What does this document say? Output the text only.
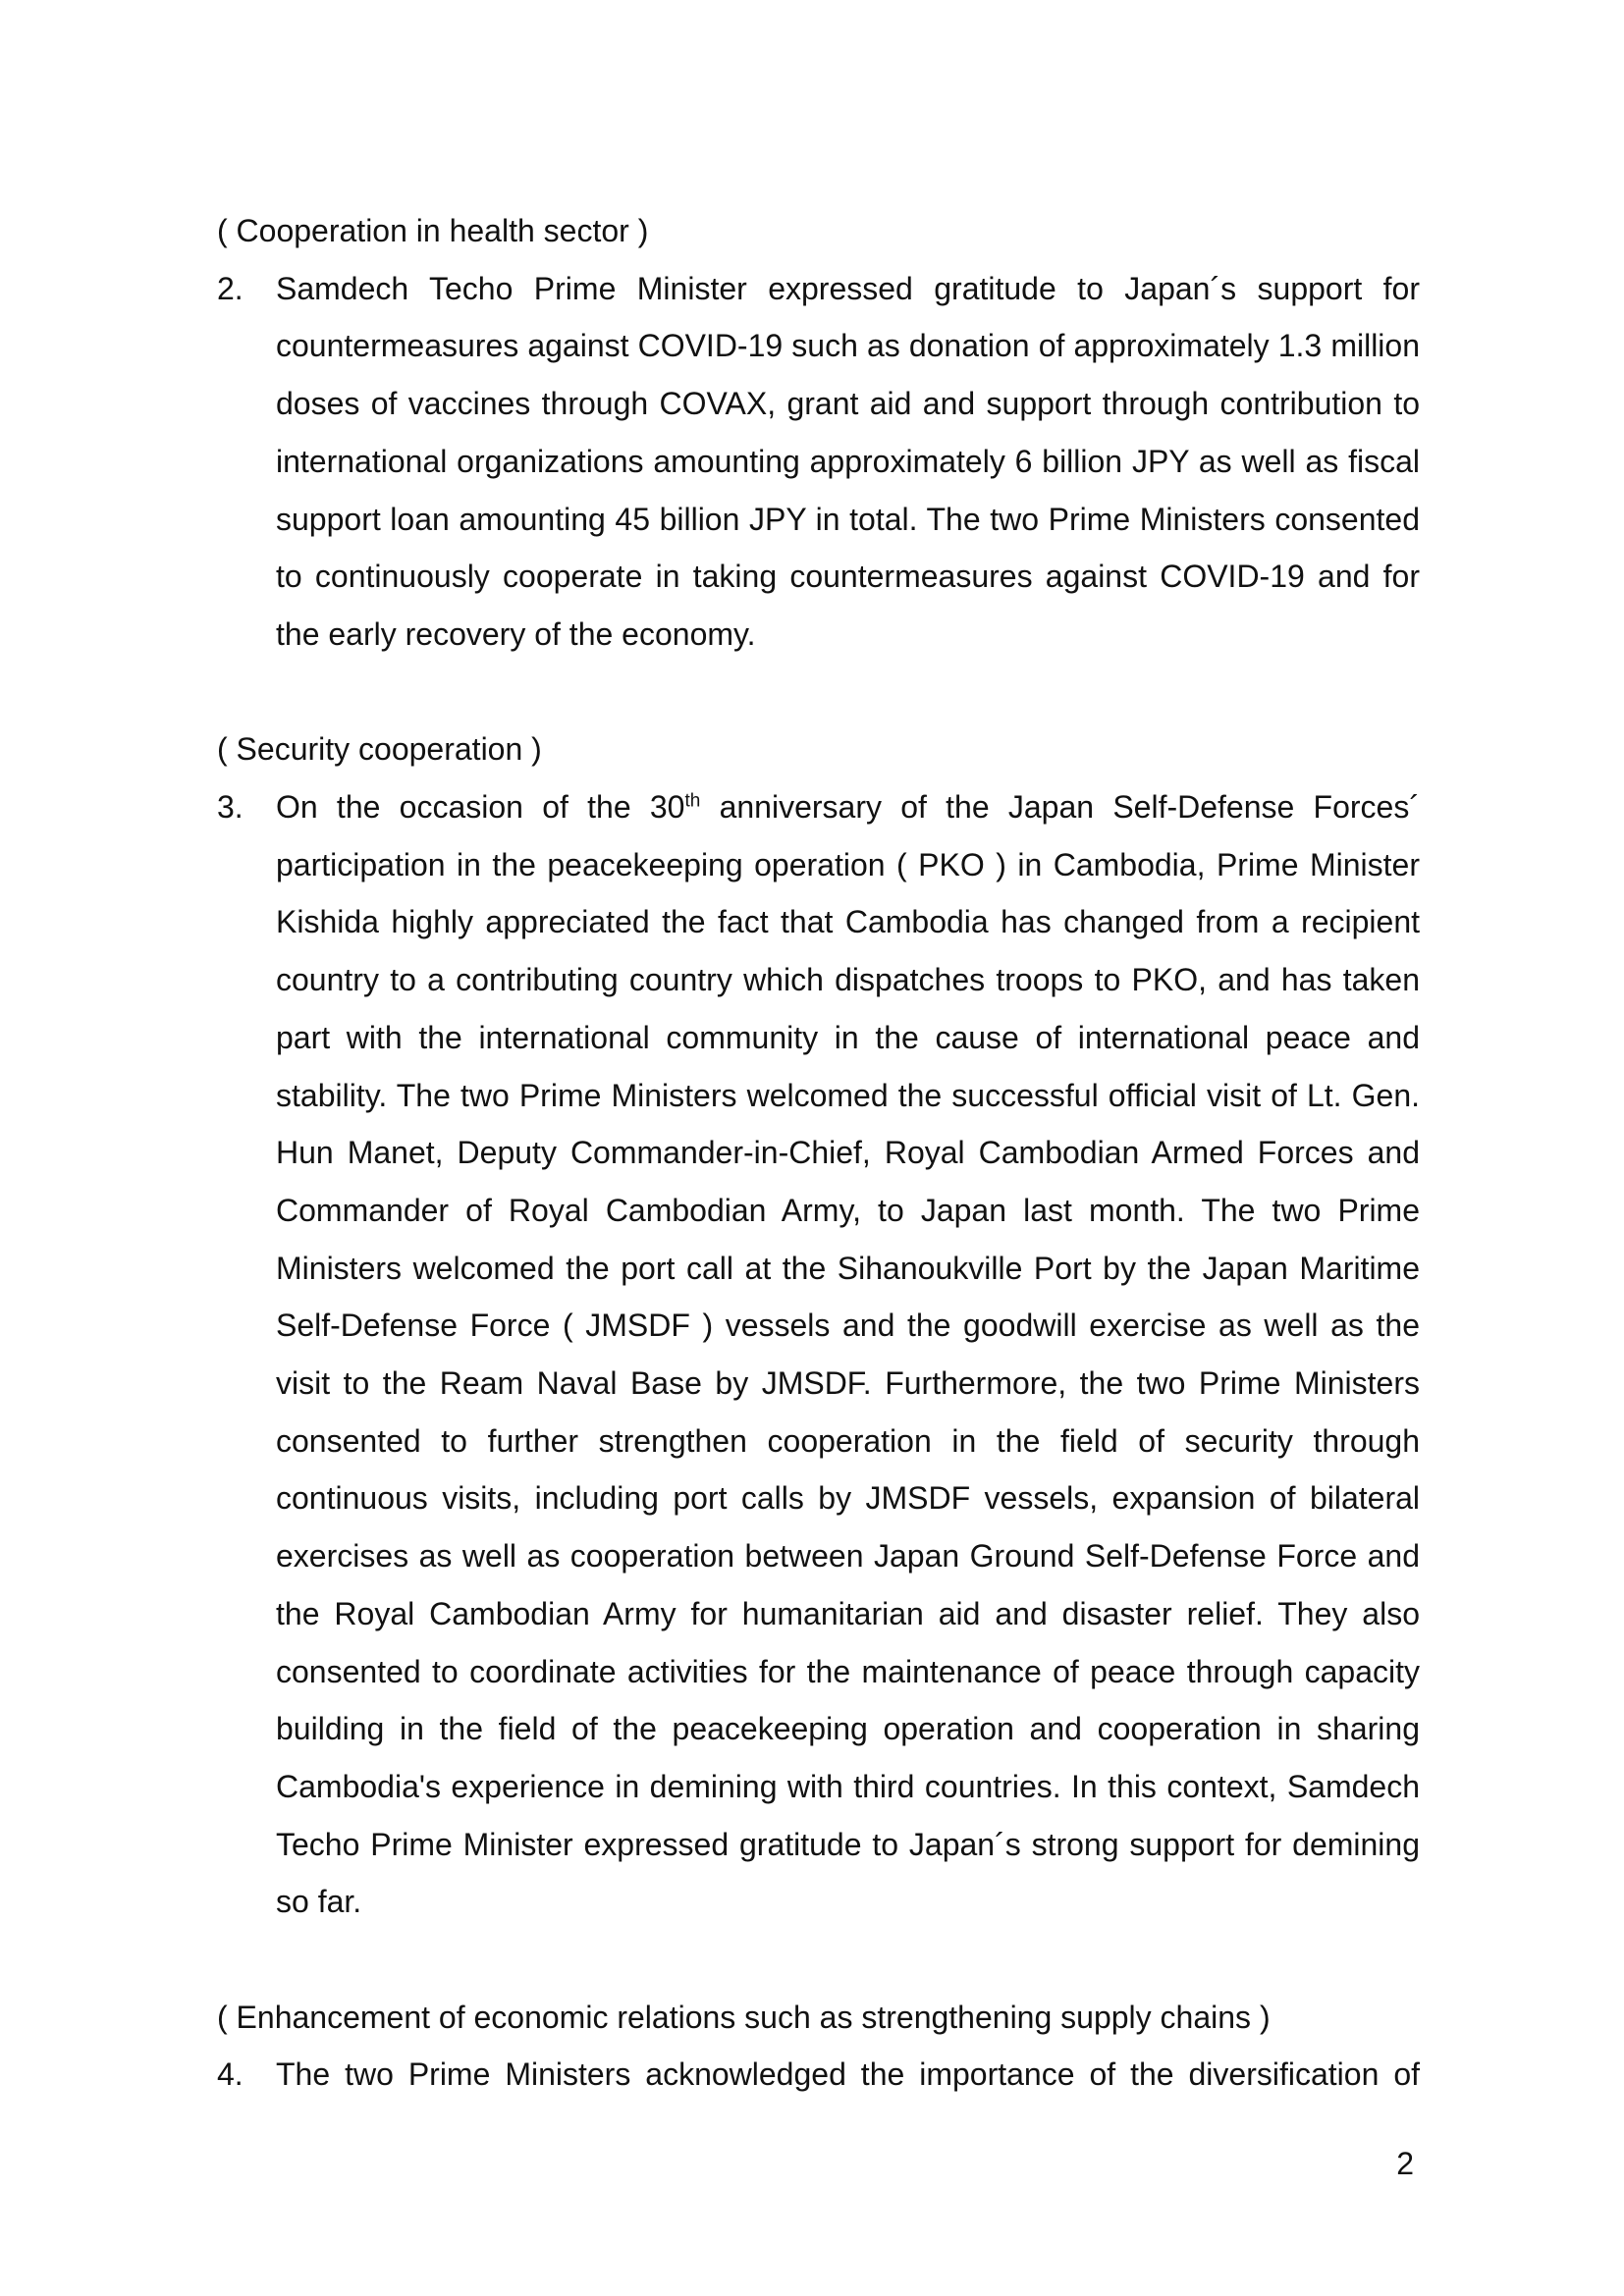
( Cooperation in health sector )

2. Samdech Techo Prime Minister expressed gratitude to Japan´s support for countermeasures against COVID-19 such as donation of approximately 1.3 million doses of vaccines through COVAX, grant aid and support through contribution to international organizations amounting approximately 6 billion JPY as well as fiscal support loan amounting 45 billion JPY in total. The two Prime Ministers consented to continuously cooperate in taking countermeasures against COVID-19 and for the early recovery of the economy.

( Security cooperation )

3. On the occasion of the 30th anniversary of the Japan Self-Defense Forces´ participation in the peacekeeping operation ( PKO ) in Cambodia, Prime Minister Kishida highly appreciated the fact that Cambodia has changed from a recipient country to a contributing country which dispatches troops to PKO, and has taken part with the international community in the cause of international peace and stability. The two Prime Ministers welcomed the successful official visit of Lt. Gen. Hun Manet, Deputy Commander-in-Chief, Royal Cambodian Armed Forces and Commander of Royal Cambodian Army, to Japan last month. The two Prime Ministers welcomed the port call at the Sihanoukville Port by the Japan Maritime Self-Defense Force ( JMSDF ) vessels and the goodwill exercise as well as the visit to the Ream Naval Base by JMSDF. Furthermore, the two Prime Ministers consented to further strengthen cooperation in the field of security through continuous visits, including port calls by JMSDF vessels, expansion of bilateral exercises as well as cooperation between Japan Ground Self-Defense Force and the Royal Cambodian Army for humanitarian aid and disaster relief. They also consented to coordinate activities for the maintenance of peace through capacity building in the field of the peacekeeping operation and cooperation in sharing Cambodia's experience in demining with third countries. In this context, Samdech Techo Prime Minister expressed gratitude to Japan´s strong support for demining so far.

( Enhancement of economic relations such as strengthening supply chains )

4. The two Prime Ministers acknowledged the importance of the diversification of

2
